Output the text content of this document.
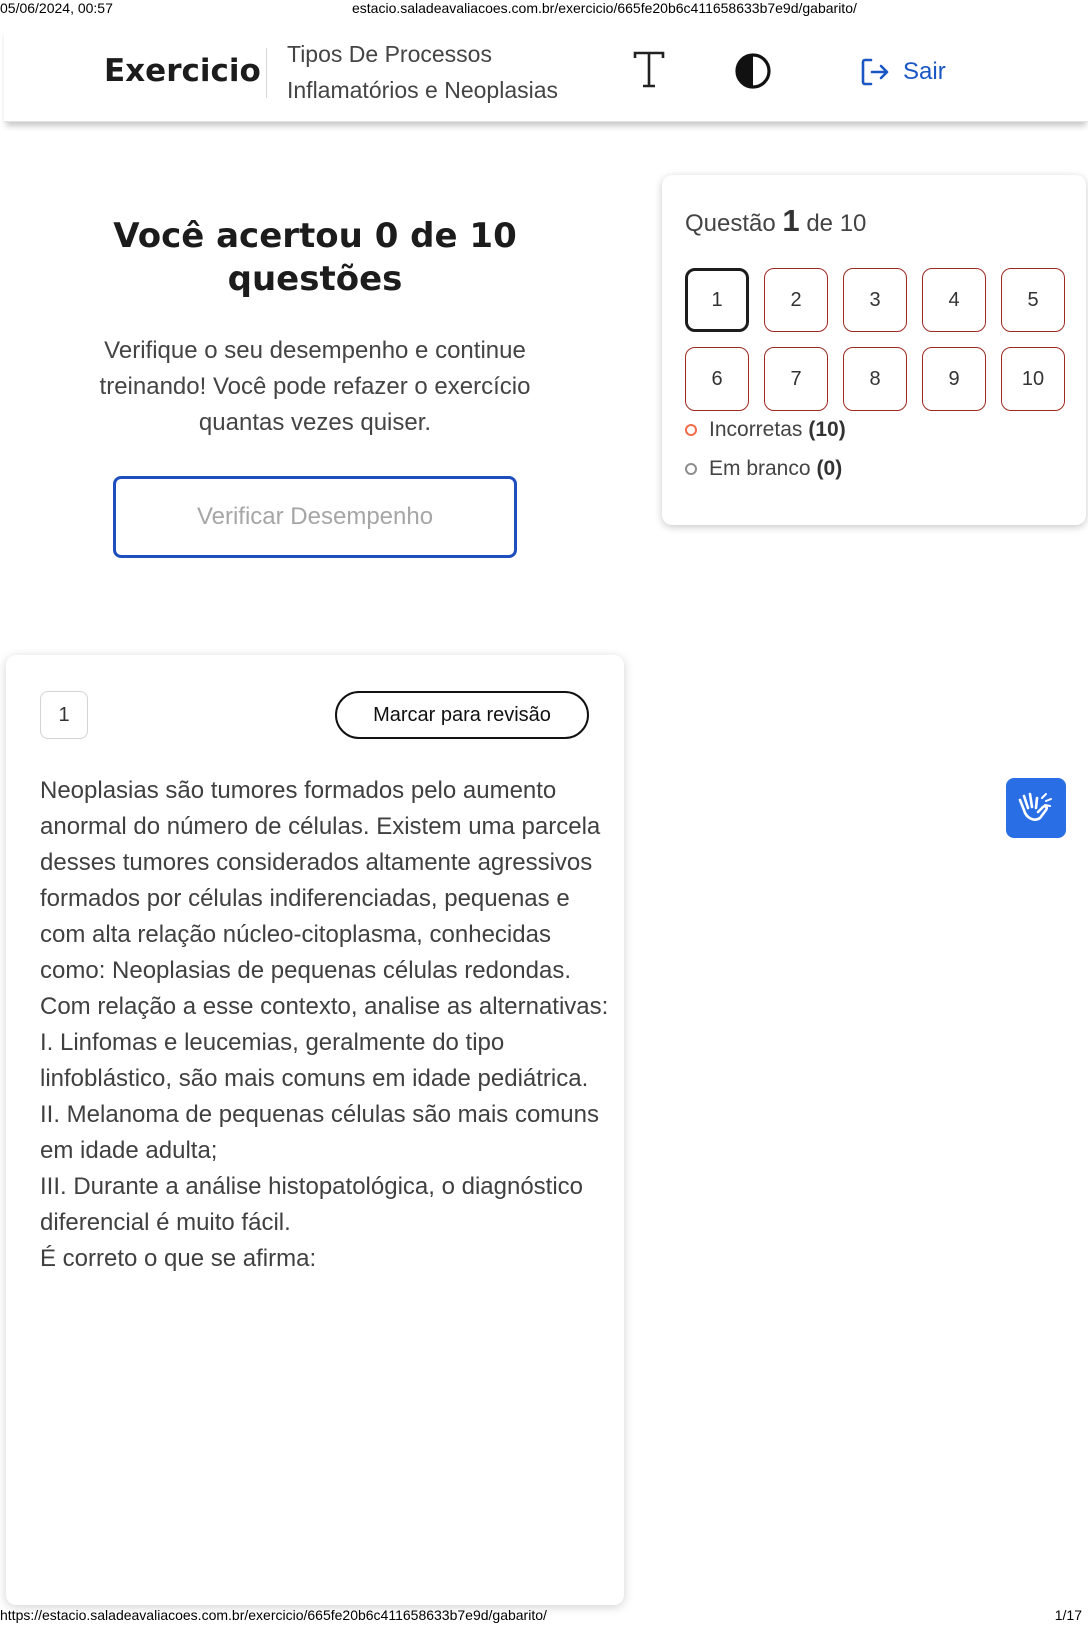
05/06/2024, 00:57	estacio.saladeavaliacoes.com.br/exercicio/665fe20b6c411658633b7e9d/gabarito/
Exercicio Tipos De Processos
Inflamatórios e Neoplasias
Sair
Você acertou 0 de 10
questões

Verifique o seu desempenho e continue treinando! Você pode refazer o exercício quantas vezes quiser.

Verificar Desempenho
Questão 1 de 10
1	2	3	4	5
6	7	8	9	10
Incorretas (10)
Em branco (0)
1	Marcar para revisão
Neoplasias são tumores formados pelo aumento anormal do número de células. Existem uma parcela desses tumores considerados altamente agressivos formados por células indiferenciadas, pequenas e com alta relação núcleo-citoplasma, conhecidas como: Neoplasias de pequenas células redondas. Com relação a esse contexto, analise as alternativas:
I. Linfomas e leucemias, geralmente do tipo linfoblástico, são mais comuns em idade pediátrica.
II. Melanoma de pequenas células são mais comuns em idade adulta;
III. Durante a análise histopatológica, o diagnóstico diferencial é muito fácil.
É correto o que se afirma:
https://estacio.saladeavaliacoes.com.br/exercicio/665fe20b6c411658633b7e9d/gabarito/	1/17
